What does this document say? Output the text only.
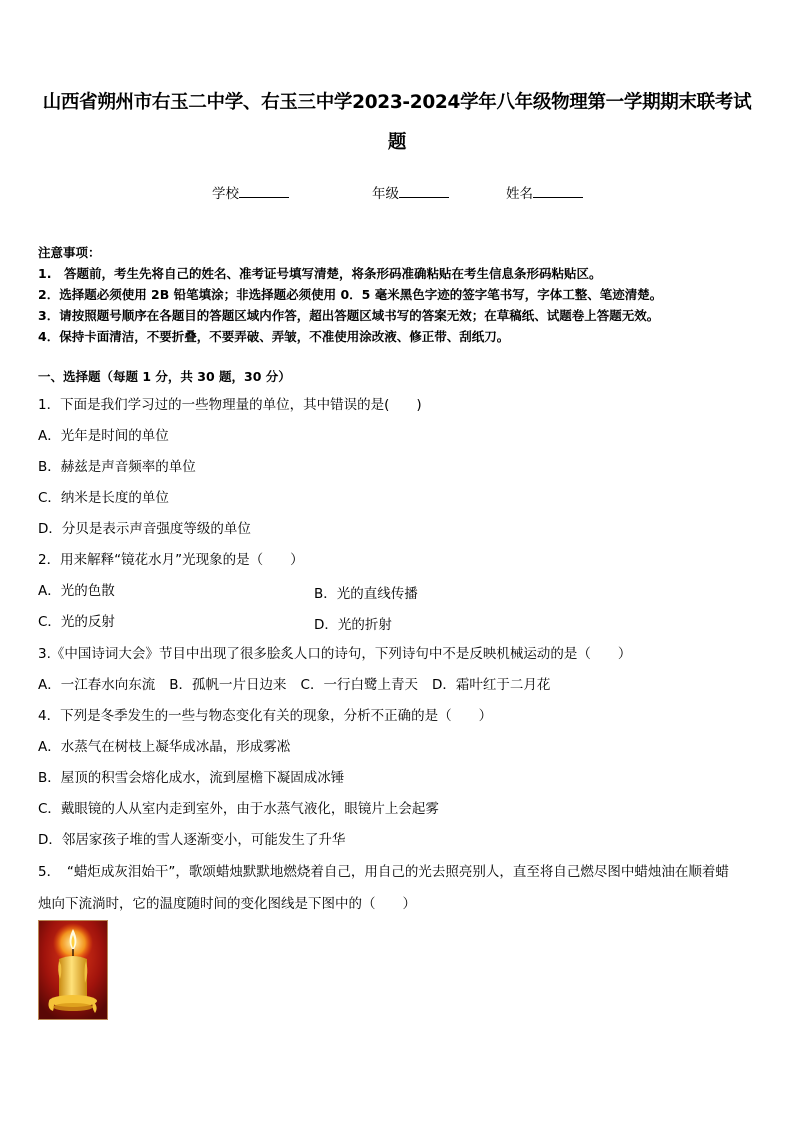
山西省朔州市右玉二中学、右玉三中学2023-2024学年八年级物理第一学期期末联考试
题
学校	年级	姓名
注意事项：
1.　答题前，考生先将自己的姓名、准考证号填写清楚，将条形码准确粘贴在考生信息条形码粘贴区。
2．选择题必须使用 2B 铅笔填涂；非选择题必须使用 0．5 毫米黑色字迹的签字笔书写，字体工整、笔迹清楚。
3．请按照题号顺序在各题目的答题区域内作答，超出答题区域书写的答案无效；在草稿纸、试题卷上答题无效。
4．保持卡面清洁，不要折叠，不要弄破、弄皱，不准使用涂改液、修正带、刮纸刀。
一、选择题（每题 1 分，共 30 题，30 分）
1．下面是我们学习过的一些物理量的单位，其中错误的是(　　)
A．光年是时间的单位
B．赫兹是声音频率的单位
C．纳米是长度的单位
D．分贝是表示声音强度等级的单位
2．用来解释“镜花水月”光现象的是（　　）
A．光的色散	B．光的直线传播
C．光的反射	D．光的折射
3.《中国诗词大会》节目中出现了很多脍炙人口的诗句，下列诗句中不是反映机械运动的是（　　）
A．一江春水向东流 B．孤帆一片日边来 C．一行白鹭上青天 D．霜叶红于二月花
4．下列是冬季发生的一些与物态变化有关的现象，分析不正确的是（　　）
A．水蒸气在树枝上凝华成冰晶，形成雾凇
B．屋顶的积雪会熔化成水，流到屋檐下凝固成冰锤
C．戴眼镜的人从室内走到室外，由于水蒸气液化，眼镜片上会起雾
D．邻居家孩子堆的雪人逐渐变小，可能发生了升华
5．　“蜡炬成灰泪始干”，歌颂蜡烛默默地燃烧着自己，用自己的光去照亮别人，直至将自己燃尽图中蜡烛油在顺着蜡
烛向下流淌时，它的温度随时间的变化图线是下图中的（　　）
